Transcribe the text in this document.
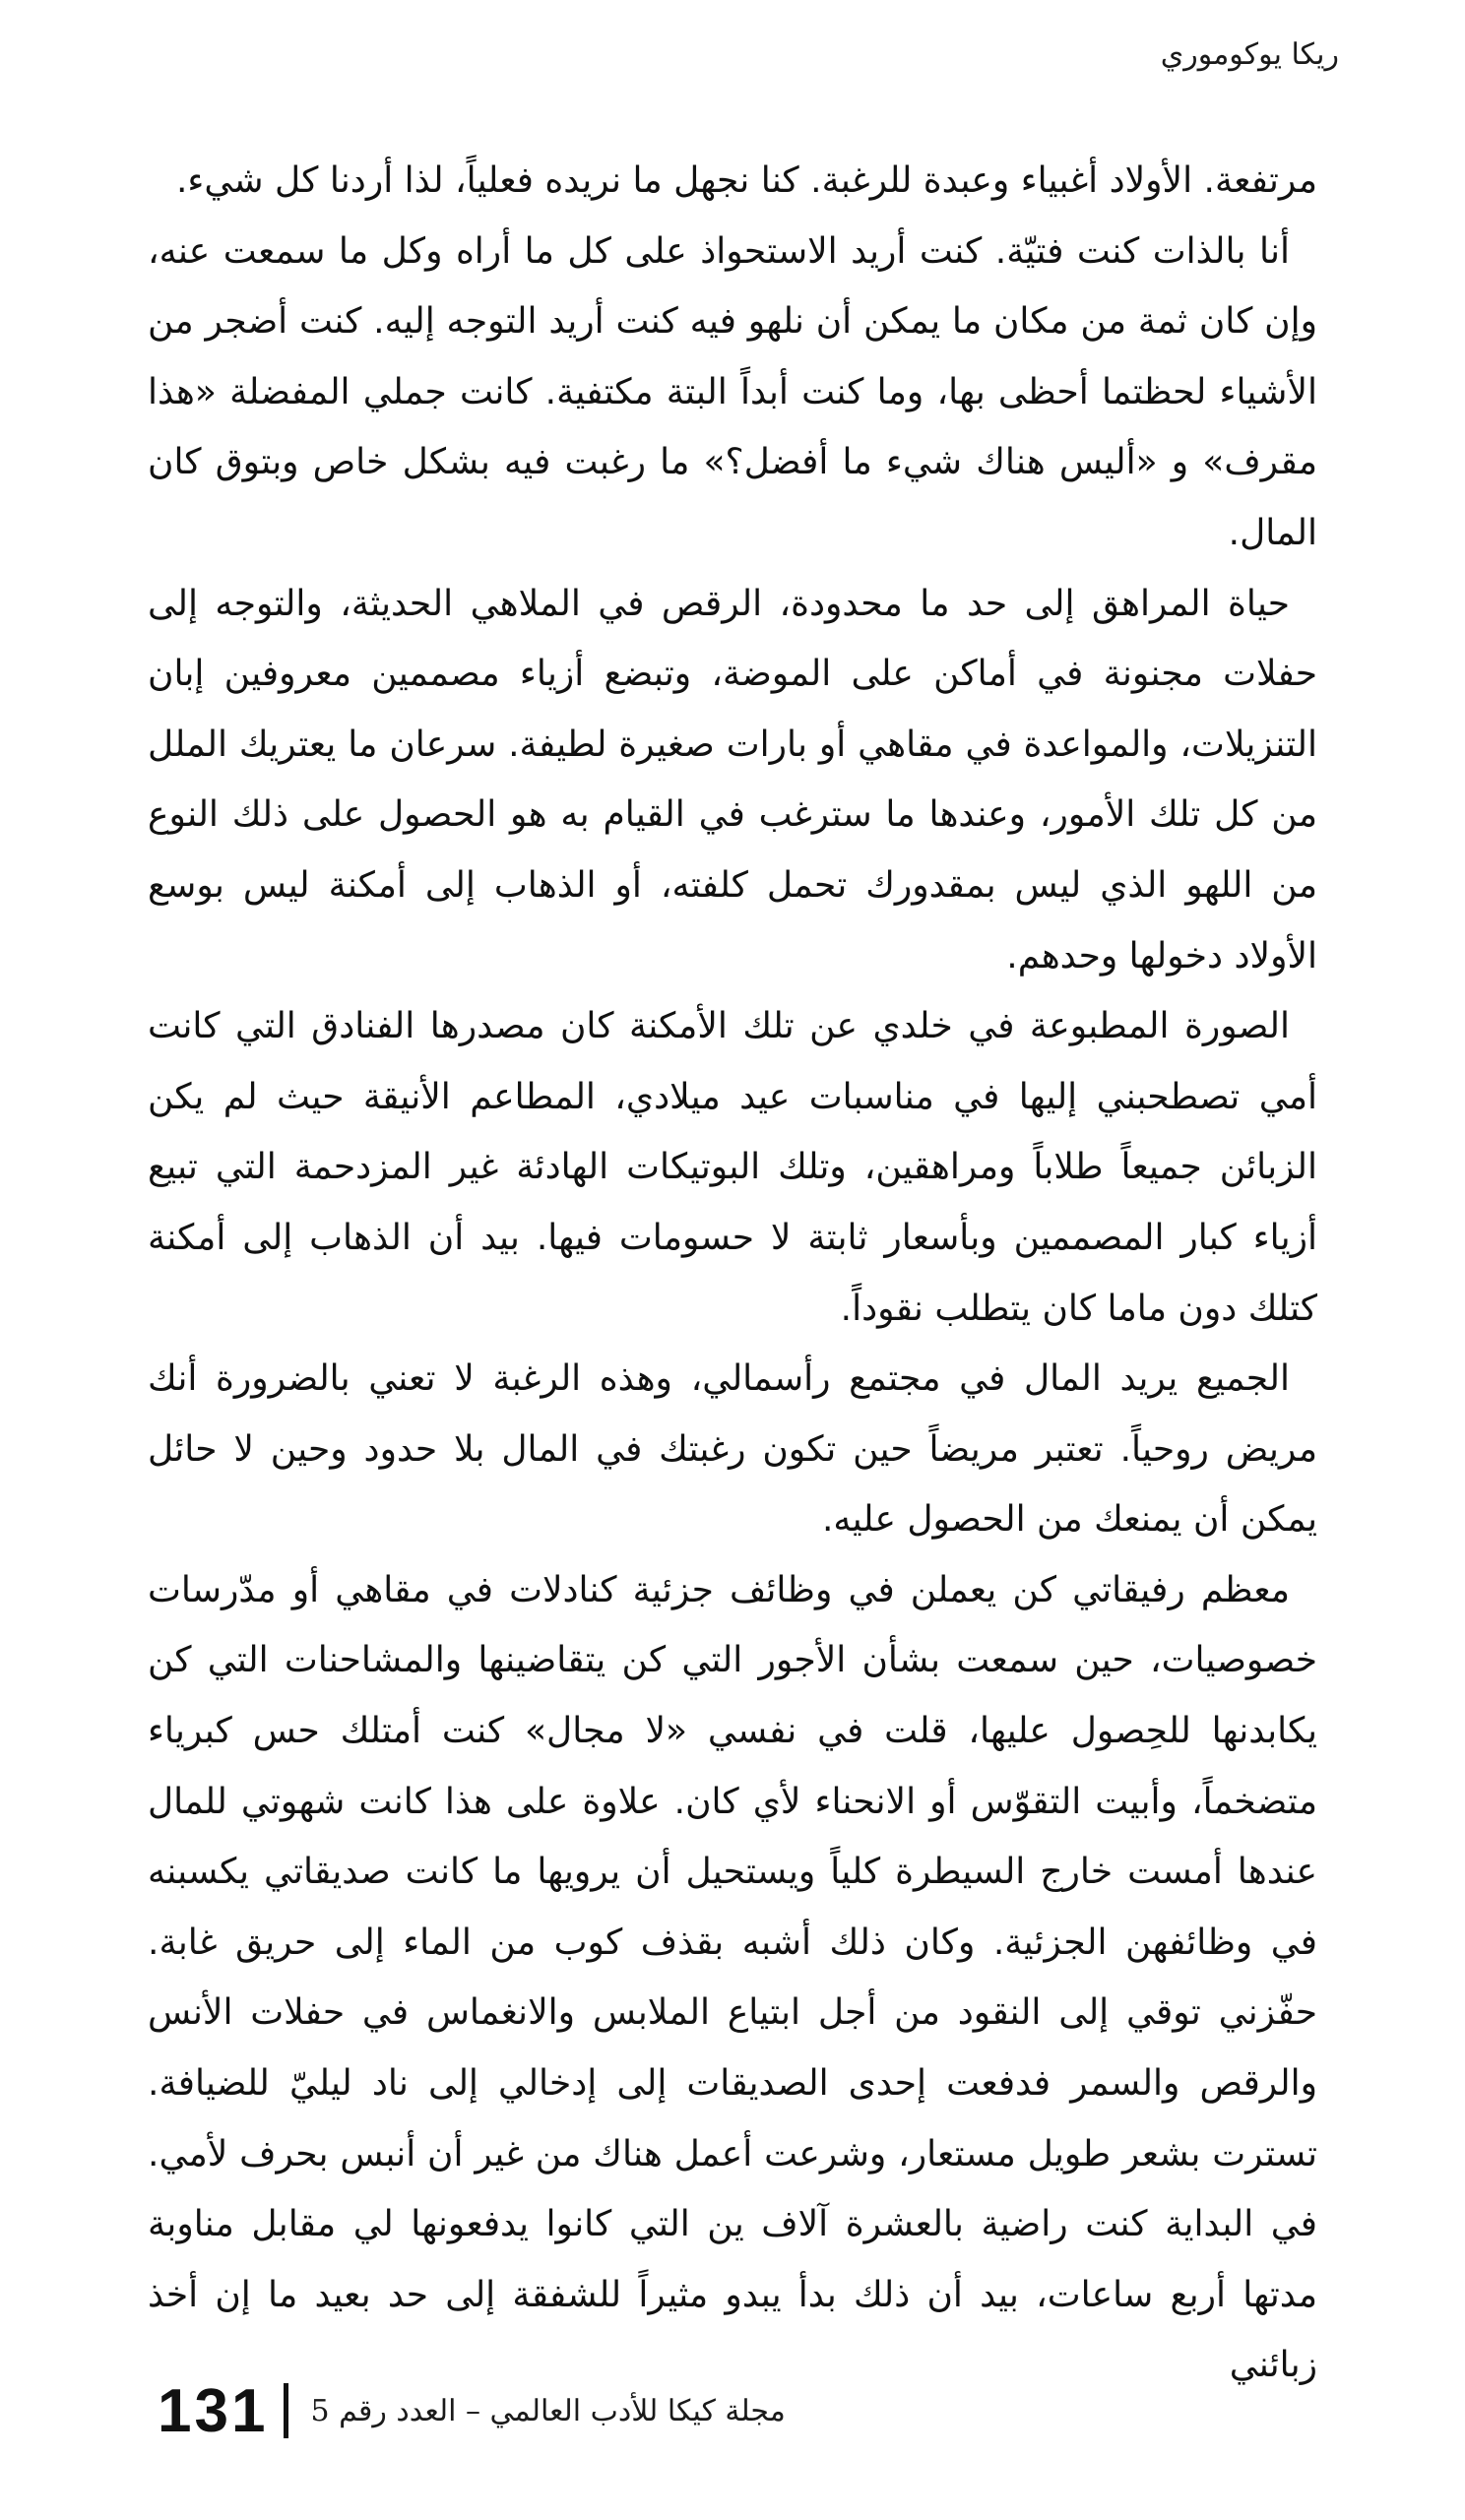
ريكا يوكوموري

مرتفعة. الأولاد أغبياء وعبدة للرغبة. كنا نجهل ما نريده فعلياً، لذا أردنا كل شيء.

أنا بالذات كنت فتيّة. كنت أريد الاستحواذ على كل ما أراه وكل ما سمعت عنه، وإن كان ثمة من مكان ما يمكن أن نلهو فيه كنت أريد التوجه إليه. كنت أضجر من الأشياء لحظتما أحظى بها، وما كنت أبداً البتة مكتفية. كانت جملي المفضلة «هذا مقرف» و «أليس هناك شيء ما أفضل؟» ما رغبت فيه بشكل خاص وبتوق كان المال.

حياة المراهق إلى حد ما محدودة، الرقص في الملاهي الحديثة، والتوجه إلى حفلات مجنونة في أماكن على الموضة، وتبضع أزياء مصممين معروفين إبان التنزيلات، والمواعدة في مقاهي أو بارات صغيرة لطيفة. سرعان ما يعتريك الملل من كل تلك الأمور، وعندها ما سترغب في القيام به هو الحصول على ذلك النوع من اللهو الذي ليس بمقدورك تحمل كلفته، أو الذهاب إلى أمكنة ليس بوسع الأولاد دخولها وحدهم.

الصورة المطبوعة في خلدي عن تلك الأمكنة كان مصدرها الفنادق التي كانت أمي تصطحبني إليها في مناسبات عيد ميلادي، المطاعم الأنيقة حيث لم يكن الزبائن جميعاً طلاباً ومراهقين، وتلك البوتيكات الهادئة غير المزدحمة التي تبيع أزياء كبار المصممين وبأسعار ثابتة لا حسومات فيها. بيد أن الذهاب إلى أمكنة كتلك دون ماما كان يتطلب نقوداً.

الجميع يريد المال في مجتمع رأسمالي، وهذه الرغبة لا تعني بالضرورة أنك مريض روحياً. تعتبر مريضاً حين تكون رغبتك في المال بلا حدود وحين لا حائل يمكن أن يمنعك من الحصول عليه.

معظم رفيقاتي كن يعملن في وظائف جزئية كنادلات في مقاهي أو مدّرسات خصوصيات، حين سمعت بشأن الأجور التي كن يتقاضينها والمشاحنات التي كن يكابدنها للحِصول عليها، قلت في نفسي «لا مجال» كنت أمتلك حس كبرياء متضخماً، وأبيت التقوّس أو الانحناء لأي كان. علاوة على هذا كانت شهوتي للمال عندها أمست خارج السيطرة كلياً ويستحيل أن يرويها ما كانت صديقاتي يكسبنه في وظائفهن الجزئية. وكان ذلك أشبه بقذف كوب من الماء إلى حريق غابة. حفّزني توقي إلى النقود من أجل ابتياع الملابس والانغماس في حفلات الأنس والرقص والسمر فدفعت إحدى الصديقات إلى إدخالي إلى ناد ليليّ للضيافة. تسترت بشعر طويل مستعار، وشرعت أعمل هناك من غير أن أنبس بحرف لأمي. في البداية كنت راضية بالعشرة آلاف ين التي كانوا يدفعونها لي مقابل مناوبة مدتها أربع ساعات، بيد أن ذلك بدأ يبدو مثيراً للشفقة إلى حد بعيد ما إن أخذ زبائني

131 مجلة كيكا للأدب العالمي – العدد رقم 5
